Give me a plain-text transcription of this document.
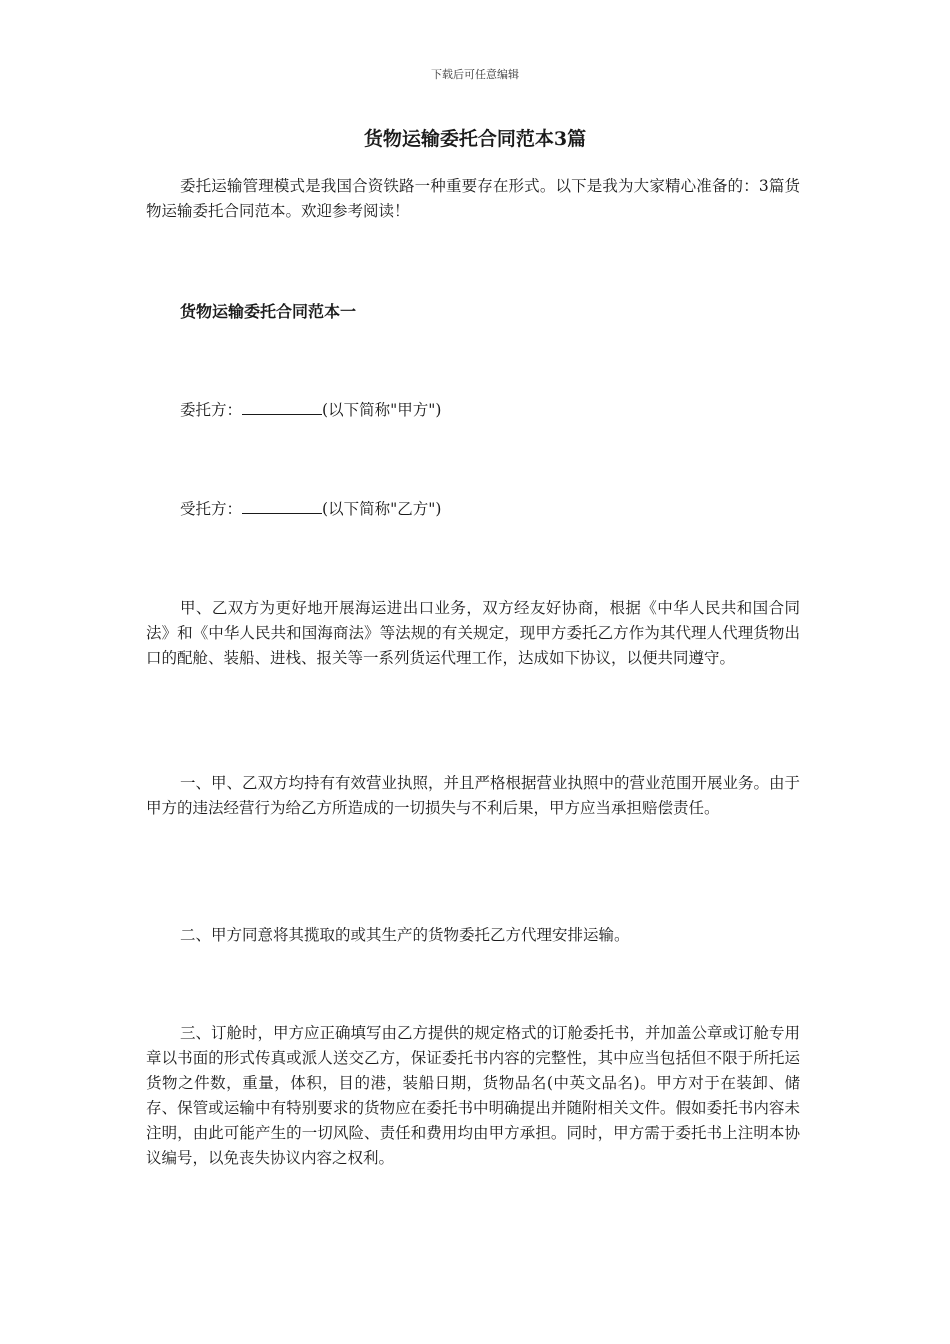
下载后可任意编辑
货物运输委托合同范本3篇

委托运输管理模式是我国合资铁路一种重要存在形式。以下是我为大家精心准备的：3篇货物运输委托合同范本。欢迎参考阅读！

货物运输委托合同范本一

委托方：	(以下简称"甲方")

受托方：	(以下简称"乙方")

甲、乙双方为更好地开展海运进出口业务，双方经友好协商，根据《中华人民共和国合同法》和《中华人民共和国海商法》等法规的有关规定，现甲方委托乙方作为其代理人代理货物出口的配舱、装船、进栈、报关等一系列货运代理工作，达成如下协议，以便共同遵守。

一、甲、乙双方均持有有效营业执照，并且严格根据营业执照中的营业范围开展业务。由于甲方的违法经营行为给乙方所造成的一切损失与不利后果，甲方应当承担赔偿责任。

二、甲方同意将其揽取的或其生产的货物委托乙方代理安排运输。

三、订舱时，甲方应正确填写由乙方提供的规定格式的订舱委托书，并加盖公章或订舱专用章以书面的形式传真或派人送交乙方，保证委托书内容的完整性，其中应当包括但不限于所托运货物之件数，重量，体积，目的港，装船日期，货物品名(中英文品名)。甲方对于在装卸、储存、保管或运输中有特别要求的货物应在委托书中明确提出并随附相关文件。假如委托书内容未注明，由此可能产生的一切风险、责任和费用均由甲方承担。同时，甲方需于委托书上注明本协议编号，以免丧失协议内容之权利。
